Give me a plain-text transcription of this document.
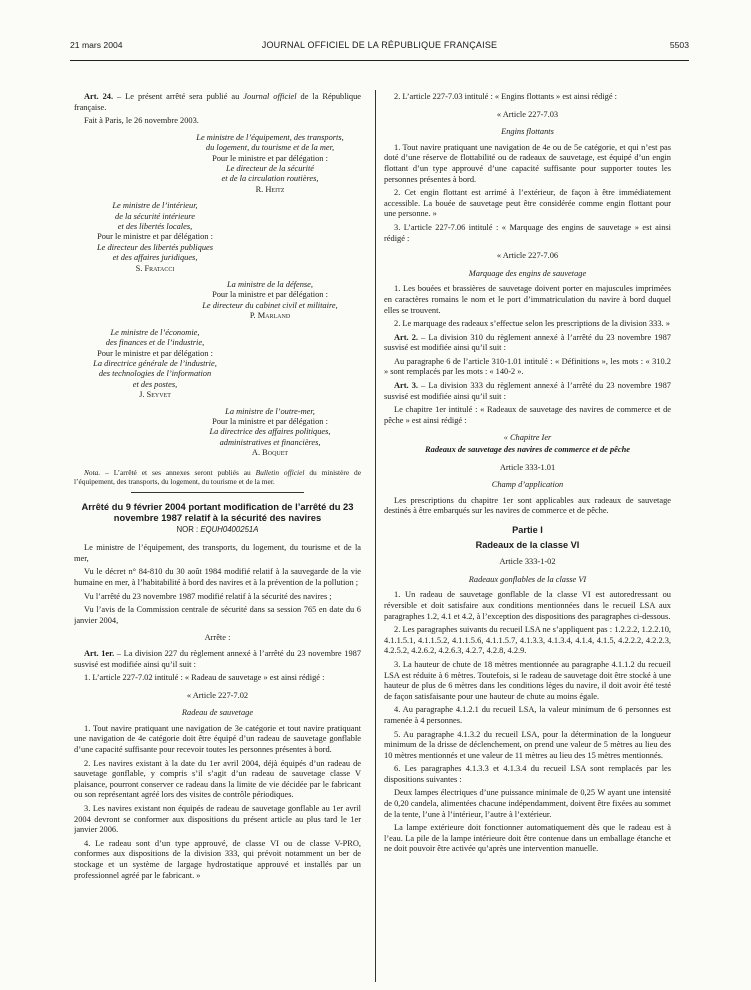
21 mars 2004	JOURNAL OFFICIEL DE LA RÉPUBLIQUE FRANÇAISE	5503

Art. 24. – Le présent arrêté sera publié au Journal officiel de la République française.

Fait à Paris, le 26 novembre 2003.

Le ministre de l’équipement, des transports,

du logement, du tourisme et de la mer,

Pour le ministre et par délégation :

Le directeur de la sécurité

et de la circulation routières,

R. Heitz

Le ministre de l’intérieur,

de la sécurité intérieure

et des libertés locales,

Pour le ministre et par délégation :

Le directeur des libertés publiques

et des affaires juridiques,

S. Fratacci

La ministre de la défense,

Pour la ministre et par délégation :

Le directeur du cabinet civil et militaire,

P. Marland

Le ministre de l’économie,

des finances et de l’industrie,

Pour le ministre et par délégation :

La directrice générale de l’industrie,

des technologies de l’information

et des postes,

J. Seyvet

La ministre de l’outre-mer,

Pour la ministre et par délégation :

La directrice des affaires politiques,

administratives et financières,

A. Boquet

Nota. – L’arrêté et ses annexes seront publiés au Bulletin officiel du ministère de l’équipement, des transports, du logement, du tourisme et de la mer.

Arrêté du 9 février 2004 portant modification de l’arrêté du 23 novembre 1987 relatif à la sécurité des navires
NOR : EQUH0400251A

Le ministre de l’équipement, des transports, du logement, du tourisme et de la mer,

Vu le décret n° 84-810 du 30 août 1984 modifié relatif à la sauvegarde de la vie humaine en mer, à l’habitabilité à bord des navires et à la prévention de la pollution ;

Vu l’arrêté du 23 novembre 1987 modifié relatif à la sécurité des navires ;

Vu l’avis de la Commission centrale de sécurité dans sa session 765 en date du 6 janvier 2004,

Arrête :

Art. 1er. – La division 227 du règlement annexé à l’arrêté du 23 novembre 1987 susvisé est modifiée ainsi qu’il suit :

1. L’article 227-7.02 intitulé : « Radeau de sauvetage » est ainsi rédigé :

« Article 227-7.02

Radeau de sauvetage

1. Tout navire pratiquant une navigation de 3e catégorie et tout navire pratiquant une navigation de 4e catégorie doit être équipé d’un radeau de sauvetage gonflable d’une capacité suffisante pour recevoir toutes les personnes présentes à bord.

2. Les navires existant à la date du 1er avril 2004, déjà équipés d’un radeau de sauvetage gonflable, y compris s’il s’agit d’un radeau de sauvetage classe V plaisance, pourront conserver ce radeau dans la limite de vie décidée par le fabricant ou son représentant agréé lors des visites de contrôle périodiques.

3. Les navires existant non équipés de radeau de sauvetage gonflable au 1er avril 2004 devront se conformer aux dispositions du présent article au plus tard le 1er janvier 2006.

4. Le radeau sont d’un type approuvé, de classe VI ou de classe V-PRO, conformes aux dispositions de la division 333, qui prévoit notamment un ber de stockage et un système de largage hydrostatique approuvé et installés par un professionnel agréé par le fabricant. »

2. L’article 227-7.03 intitulé : « Engins flottants » est ainsi rédigé :

« Article 227-7.03

Engins flottants

1. Tout navire pratiquant une navigation de 4e ou de 5e catégorie, et qui n’est pas doté d’une réserve de flottabilité ou de radeaux de sauvetage, est équipé d’un engin flottant d’un type approuvé d’une capacité suffisante pour supporter toutes les personnes présentes à bord.

2. Cet engin flottant est arrimé à l’extérieur, de façon à être immédiatement accessible. La bouée de sauvetage peut être considérée comme engin flottant pour une personne. »

3. L’article 227-7.06 intitulé : « Marquage des engins de sauvetage » est ainsi rédigé :

« Article 227-7.06

Marquage des engins de sauvetage

1. Les bouées et brassières de sauvetage doivent porter en majuscules imprimées en caractères romains le nom et le port d’immatriculation du navire à bord duquel elles se trouvent.

2. Le marquage des radeaux s’effectue selon les prescriptions de la division 333. »

Art. 2. – La division 310 du règlement annexé à l’arrêté du 23 novembre 1987 susvisé est modifiée ainsi qu’il suit :

Au paragraphe 6 de l’article 310-1.01 intitulé : « Définitions », les mots : « 310.2 » sont remplacés par les mots : « 140-2 ».

Art. 3. – La division 333 du règlement annexé à l’arrêté du 23 novembre 1987 susvisé est modifiée ainsi qu’il suit :

Le chapitre 1er intitulé : « Radeaux de sauvetage des navires de commerce et de pêche » est ainsi rédigé :

« Chapitre Ier

Radeaux de sauvetage des navires de commerce et de pêche

Article 333-1.01

Champ d’application

Les prescriptions du chapitre 1er sont applicables aux radeaux de sauvetage destinés à être embarqués sur les navires de commerce et de pêche.

Partie I

Radeaux de la classe VI

Article 333-1-02

Radeaux gonflables de la classe VI

1. Un radeau de sauvetage gonflable de la classe VI est autoredressant ou réversible et doit satisfaire aux conditions mentionnées dans le recueil LSA aux paragraphes 1.2, 4.1 et 4.2, à l’exception des dispositions des paragraphes ci-dessous.

2. Les paragraphes suivants du recueil LSA ne s’appliquent pas : 1.2.2.2, 1.2.2.10, 4.1.1.5.1, 4.1.1.5.2, 4.1.1.5.6, 4.1.1.5.7, 4.1.3.3, 4.1.3.4, 4.1.4, 4.1.5, 4.2.2.2, 4.2.2.3, 4.2.5.2, 4.2.6.2, 4.2.6.3, 4.2.7, 4.2.8, 4.2.9.

3. La hauteur de chute de 18 mètres mentionnée au paragraphe 4.1.1.2 du recueil LSA est réduite à 6 mètres. Toutefois, si le radeau de sauvetage doit être stocké à une hauteur de plus de 6 mètres dans les conditions lèges du navire, il doit avoir été testé de façon satisfaisante pour une hauteur de chute au moins égale.

4. Au paragraphe 4.1.2.1 du recueil LSA, la valeur minimum de 6 personnes est ramenée à 4 personnes.

5. Au paragraphe 4.1.3.2 du recueil LSA, pour la détermination de la longueur minimum de la drisse de déclenchement, on prend une valeur de 5 mètres au lieu des 10 mètres mentionnés et une valeur de 11 mètres au lieu des 15 mètres mentionnés.

6. Les paragraphes 4.1.3.3 et 4.1.3.4 du recueil LSA sont remplacés par les dispositions suivantes :

Deux lampes électriques d’une puissance minimale de 0,25 W ayant une intensité de 0,20 candela, alimentées chacune indépendamment, doivent être fixées au sommet de la tente, l’une à l’intérieur, l’autre à l’extérieur.

La lampe extérieure doit fonctionner automatiquement dès que le radeau est à l’eau. La pile de la lampe intérieure doit être contenue dans un emballage étanche et ne doit pouvoir être activée qu’après une intervention manuelle.
